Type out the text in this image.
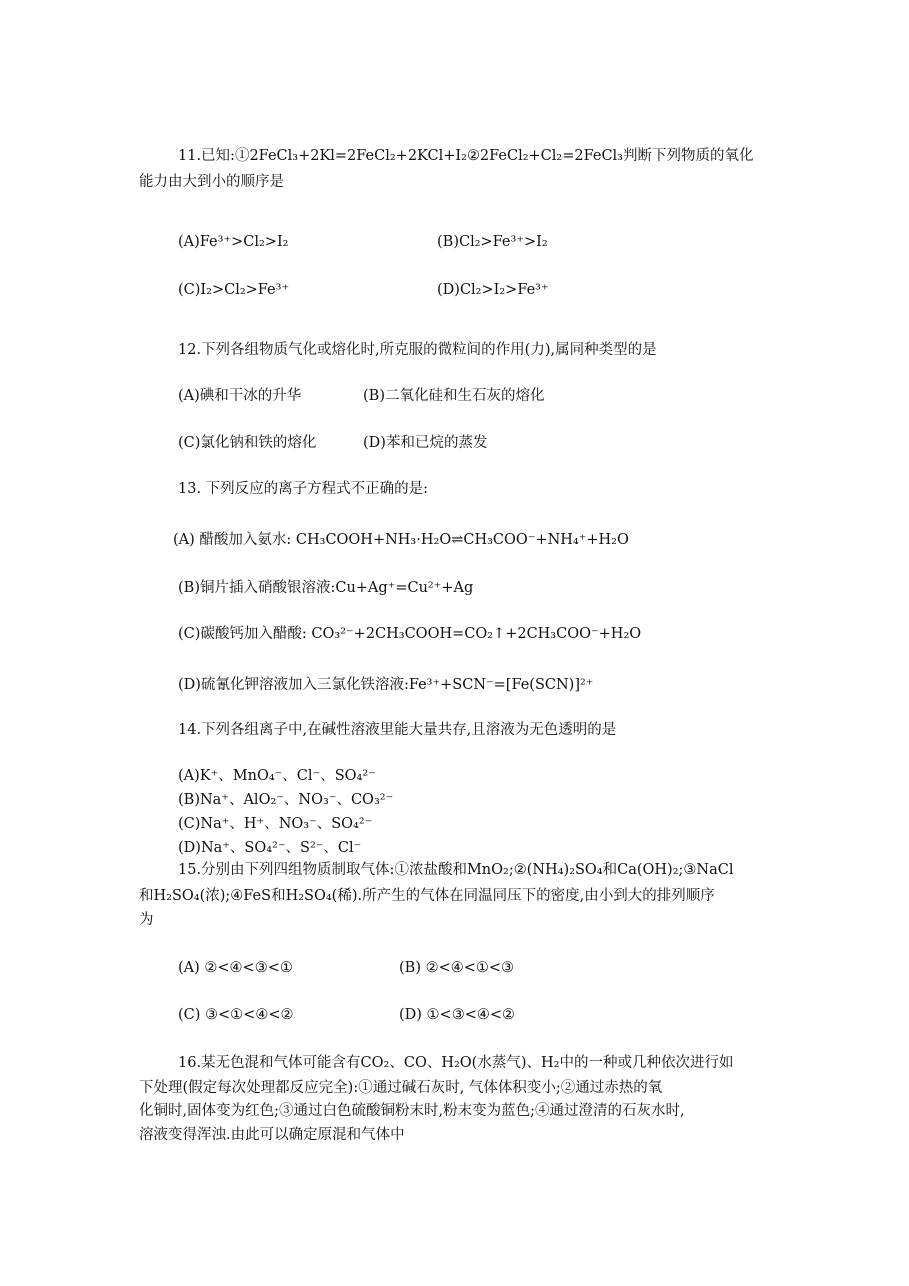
11.已知:①2FeCl₃+2Kl=2FeCl₂+2KCl+I₂②2FeCl₂+Cl₂=2FeCl₃判断下列物质的氧化
能力由大到小的顺序是
(A)Fe³⁺>Cl₂>I₂	(B)Cl₂>Fe³⁺>I₂
(C)I₂>Cl₂>Fe³⁺	(D)Cl₂>I₂>Fe³⁺
12.下列各组物质气化或熔化时,所克服的微粒间的作用(力),属同种类型的是
(A)碘和干冰的升华	(B)二氧化硅和生石灰的熔化
(C)氯化钠和铁的熔化	(D)苯和已烷的蒸发
13. 下列反应的离子方程式不正确的是:
(A) 醋酸加入氨水: CH₃COOH+NH₃·H₂O⇌CH₃COO⁻+NH₄⁺+H₂O
(B)铜片插入硝酸银溶液:Cu+Ag⁺=Cu²⁺+Ag
(C)碳酸钙加入醋酸: CO₃²⁻+2CH₃COOH=CO₂↑+2CH₃COO⁻+H₂O
(D)硫氰化钾溶液加入三氯化铁溶液:Fe³⁺+SCN⁻=[Fe(SCN)]²⁺
14.下列各组离子中,在碱性溶液里能大量共存,且溶液为无色透明的是
(A)K⁺、MnO₄⁻、Cl⁻、SO₄²⁻
(B)Na⁺、AlO₂⁻、NO₃⁻、CO₃²⁻
(C)Na⁺、H⁺、NO₃⁻、SO₄²⁻
(D)Na⁺、SO₄²⁻、S²⁻、Cl⁻
15.分别由下列四组物质制取气体:①浓盐酸和MnO₂;②(NH₄)₂SO₄和Ca(OH)₂;③NaCl
和H₂SO₄(浓);④FeS和H₂SO₄(稀).所产生的气体在同温同压下的密度,由小到大的排列顺序
为
(A) ②<④<③<①	(B) ②<④<①<③
(C) ③<①<④<②	(D) ①<③<④<②
16.某无色混和气体可能含有CO₂、CO、H₂O(水蒸气)、H₂中的一种或几种依次进行如
下处理(假定每次处理都反应完全):①通过碱石灰时, 气体体积变小;②通过赤热的氧
化铜时,固体变为红色;③通过白色硫酸铜粉末时,粉末变为蓝色;④通过澄清的石灰水时,
溶液变得浑浊.由此可以确定原混和气体中
